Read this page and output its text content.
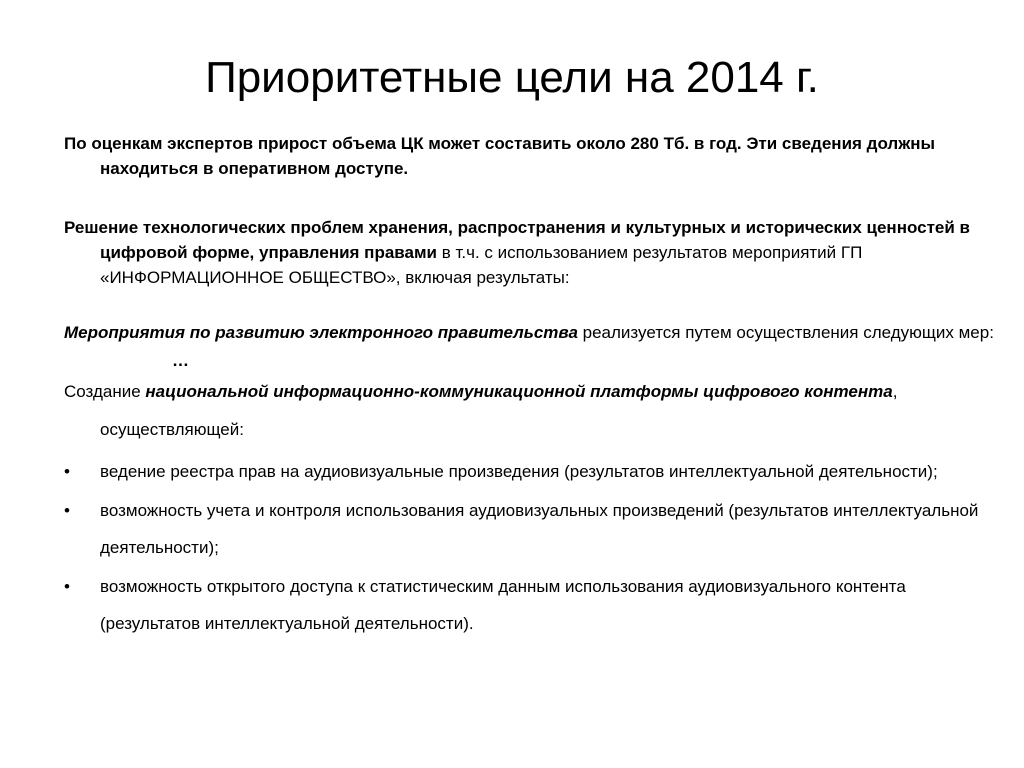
Приоритетные цели на 2014 г.

По оценкам экспертов прирост объема ЦК может составить около 280 Тб. в год. Эти сведения должны находиться в оперативном доступе.

Решение технологических проблем хранения, распространения и культурных и исторических ценностей в цифровой форме, управления правами в т.ч. с использованием результатов мероприятий ГП «ИНФОРМАЦИОННОЕ ОБЩЕСТВО», включая результаты:

Мероприятия по развитию электронного правительства реализуется путем осуществления следующих мер:

…

Создание национальной информационно-коммуникационной платформы цифрового контента, осуществляющей:

•	ведение реестра прав на аудиовизуальные произведения (результатов интеллектуальной деятельности);
•	возможность учета и контроля использования аудиовизуальных произведений (результатов интеллектуальной деятельности);
•	возможность открытого доступа к статистическим данным использования аудиовизуального контента (результатов интеллектуальной деятельности).
